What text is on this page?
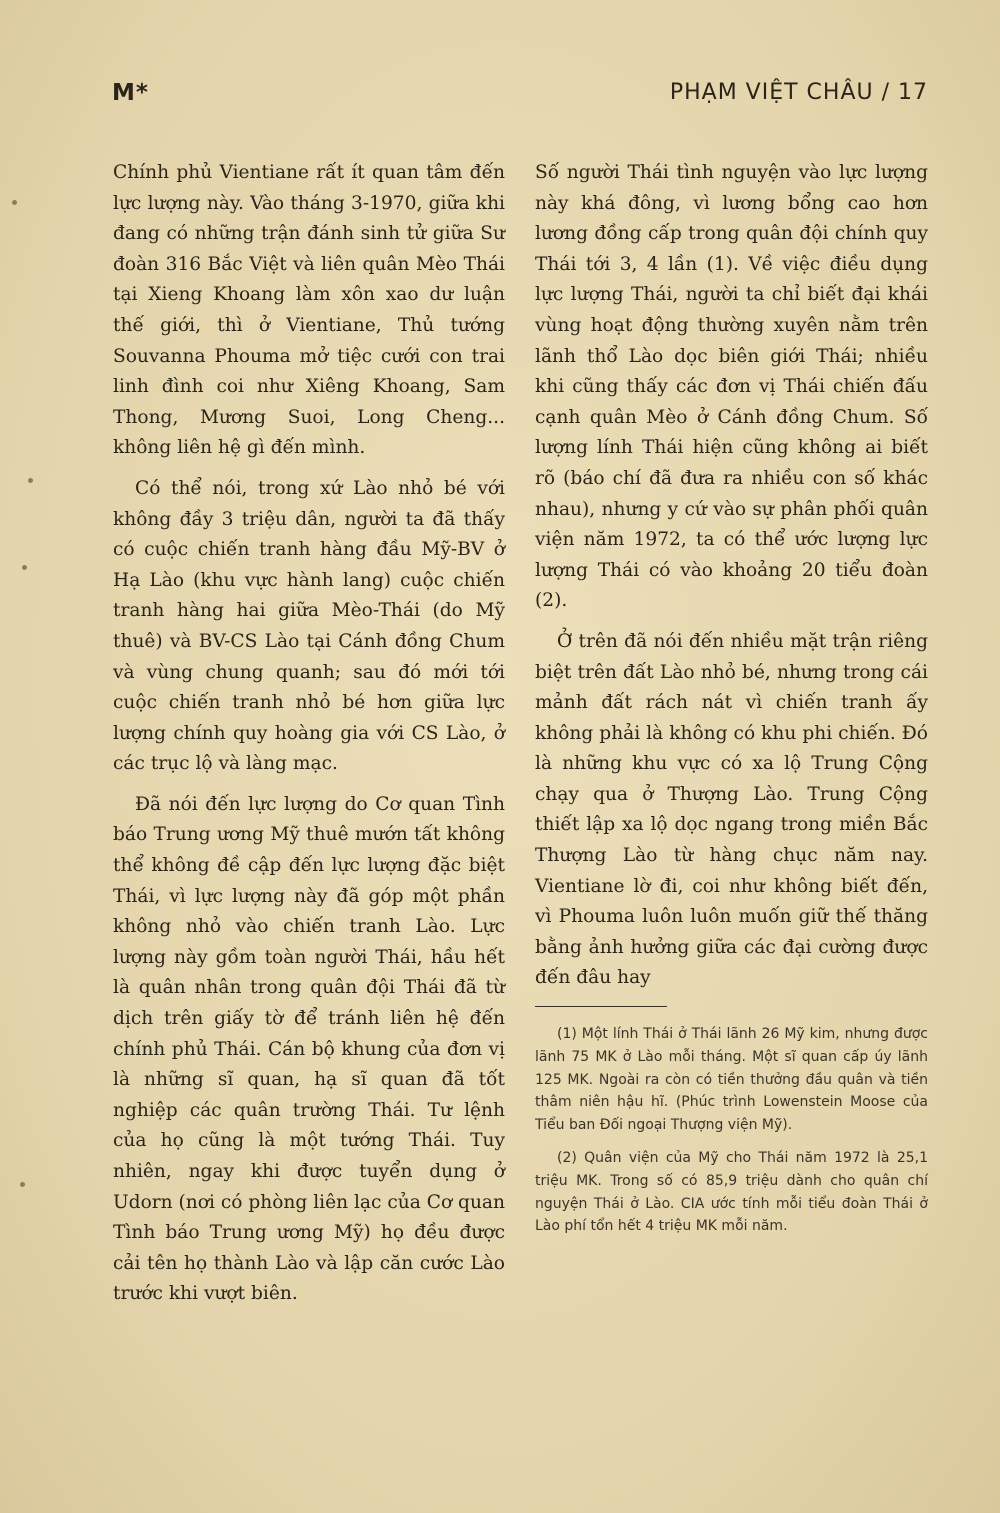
M*	PHẠM VIỆT CHÂU / 17

Chính phủ Vientiane rất ít quan tâm đến lực lượng này. Vào tháng 3-1970, giữa khi đang có những trận đánh sinh tử giữa Sư đoàn 316 Bắc Việt và liên quân Mèo Thái tại Xieng Khoang làm xôn xao dư luận thế giới, thì ở Vientiane, Thủ tướng Souvanna Phouma mở tiệc cưới con trai linh đình coi như Xiêng Khoang, Sam Thong, Mương Suoi, Long Cheng... không liên hệ gì đến mình.

Có thể nói, trong xứ Lào nhỏ bé với không đầy 3 triệu dân, người ta đã thấy có cuộc chiến tranh hàng đầu Mỹ-BV ở Hạ Lào (khu vực hành lang) cuộc chiến tranh hàng hai giữa Mèo-Thái (do Mỹ thuê) và BV-CS Lào tại Cánh đồng Chum và vùng chung quanh; sau đó mới tới cuộc chiến tranh nhỏ bé hơn giữa lực lượng chính quy hoàng gia với CS Lào, ở các trục lộ và làng mạc.

Đã nói đến lực lượng do Cơ quan Tình báo Trung ương Mỹ thuê mướn tất không thể không đề cập đến lực lượng đặc biệt Thái, vì lực lượng này đã góp một phần không nhỏ vào chiến tranh Lào. Lực lượng này gồm toàn người Thái, hầu hết là quân nhân trong quân đội Thái đã từ dịch trên giấy tờ để tránh liên hệ đến chính phủ Thái. Cán bộ khung của đơn vị là những sĩ quan, hạ sĩ quan đã tốt nghiệp các quân trường Thái. Tư lệnh của họ cũng là một tướng Thái. Tuy nhiên, ngay khi được tuyển dụng ở Udorn (nơi có phòng liên lạc của Cơ quan Tình báo Trung ương Mỹ) họ đều được cải tên họ thành Lào và lập căn cước Lào trước khi vượt biên.

Số người Thái tình nguyện vào lực lượng này khá đông, vì lương bổng cao hơn lương đồng cấp trong quân đội chính quy Thái tới 3, 4 lần (1). Về việc điều dụng lực lượng Thái, người ta chỉ biết đại khái vùng hoạt động thường xuyên nằm trên lãnh thổ Lào dọc biên giới Thái; nhiều khi cũng thấy các đơn vị Thái chiến đấu cạnh quân Mèo ở Cánh đồng Chum. Số lượng lính Thái hiện cũng không ai biết rõ (báo chí đã đưa ra nhiều con số khác nhau), nhưng y cứ vào sự phân phối quân viện năm 1972, ta có thể ước lượng lực lượng Thái có vào khoảng 20 tiểu đoàn (2).

Ở trên đã nói đến nhiều mặt trận riêng biệt trên đất Lào nhỏ bé, nhưng trong cái mảnh đất rách nát vì chiến tranh ấy không phải là không có khu phi chiến. Đó là những khu vực có xa lộ Trung Cộng chạy qua ở Thượng Lào. Trung Cộng thiết lập xa lộ dọc ngang trong miền Bắc Thượng Lào từ hàng chục năm nay. Vientiane lờ đi, coi như không biết đến, vì Phouma luôn luôn muốn giữ thế thăng bằng ảnh hưởng giữa các đại cường được đến đâu hay

(1) Một lính Thái ở Thái lãnh 26 Mỹ kim, nhưng được lãnh 75 MK ở Lào mỗi tháng. Một sĩ quan cấp úy lãnh 125 MK. Ngoài ra còn có tiền thưởng đầu quân và tiền thâm niên hậu hĩ. (Phúc trình Lowenstein Moose của Tiểu ban Đối ngoại Thượng viện Mỹ).

(2) Quân viện của Mỹ cho Thái năm 1972 là 25,1 triệu MK. Trong số có 85,9 triệu dành cho quân chí nguyện Thái ở Lào. CIA ước tính mỗi tiểu đoàn Thái ở Lào phí tổn hết 4 triệu MK mỗi năm.
